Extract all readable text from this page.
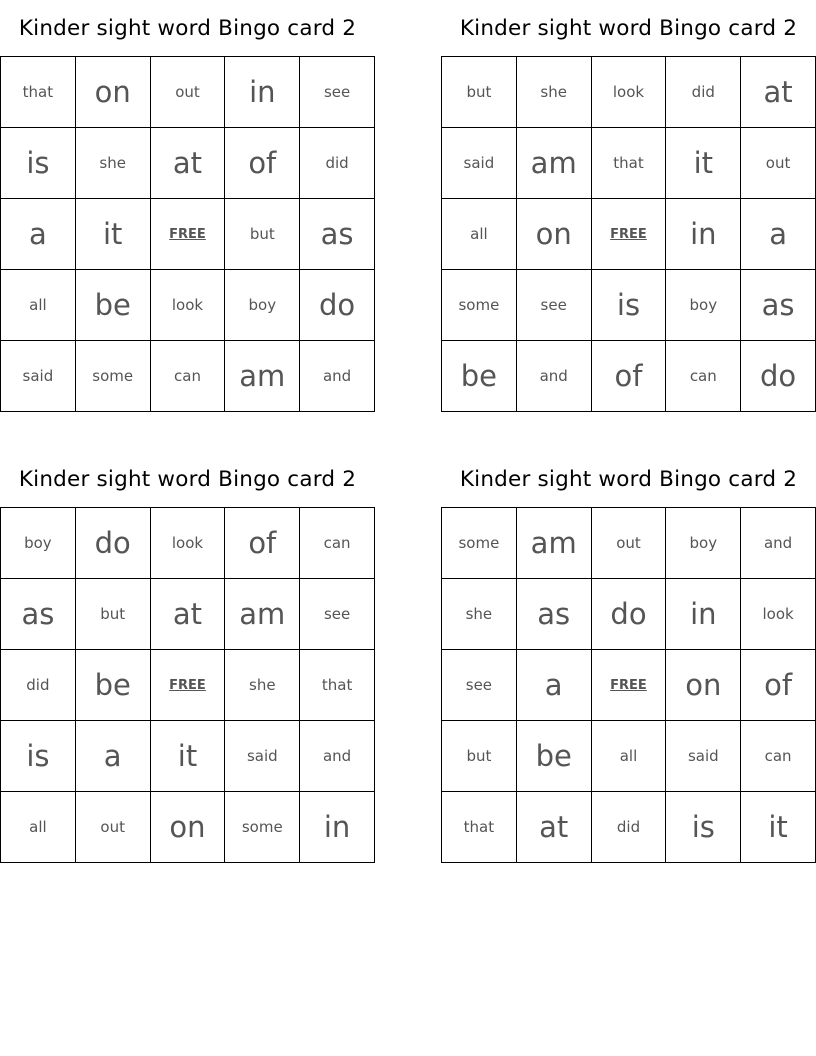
Kinder sight word Bingo card 2
that	on	out	in	see
is	she	at	of	did
a	it	FREE	but	as
all	be	look	boy	do
said	some	can	am	and
Kinder sight word Bingo card 2
but	she	look	did	at
said	am	that	it	out
all	on	FREE	in	a
some	see	is	boy	as
be	and	of	can	do
Kinder sight word Bingo card 2
boy	do	look	of	can
as	but	at	am	see
did	be	FREE	she	that
is	a	it	said	and
all	out	on	some	in
Kinder sight word Bingo card 2
some	am	out	boy	and
she	as	do	in	look
see	a	FREE	on	of
but	be	all	said	can
that	at	did	is	it
